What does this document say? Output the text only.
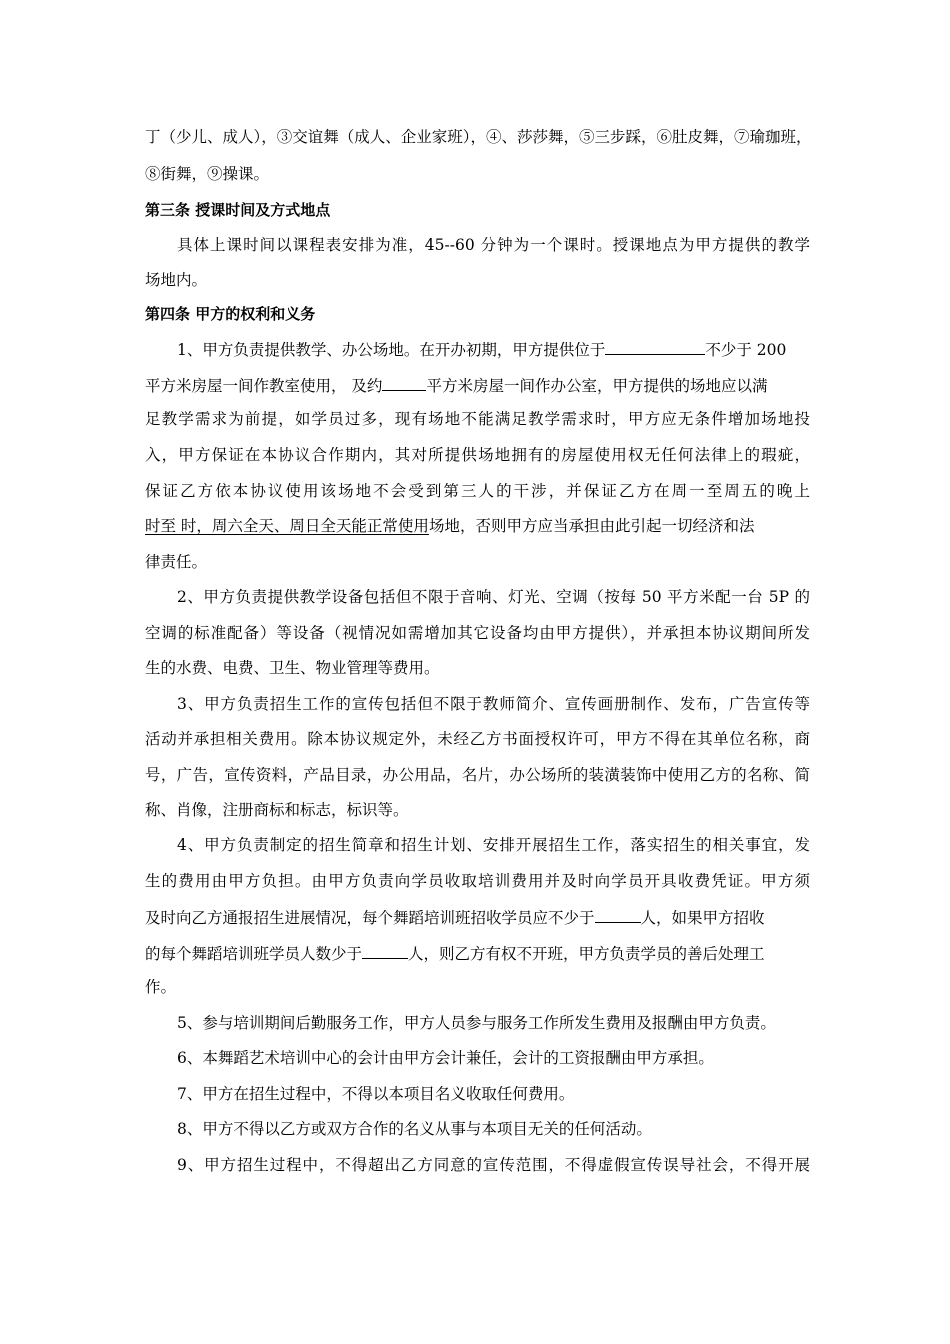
丁（少儿、成人），③交谊舞（成人、企业家班），④、莎莎舞，⑤三步踩，⑥肚皮舞，⑦瑜珈班，
⑧街舞，⑨操课。
第三条 授课时间及方式地点
具体上课时间以课程表安排为准，45--60 分钟为一个课时。授课地点为甲方提供的教学
场地内。
第四条 甲方的权利和义务
1、甲方负责提供教学、办公场地。在开办初期，甲方提供位于	不少于 200
平方米房屋一间作教室使用， 及约	平方米房屋一间作办公室，甲方提供的场地应以满
足教学需求为前提，如学员过多，现有场地不能满足教学需求时，甲方应无条件增加场地投
入，甲方保证在本协议合作期内，其对所提供场地拥有的房屋使用权无任何法律上的瑕疵，
保证乙方依本协议使用该场地不会受到第三人的干涉，并保证乙方在周一至周五的晚上
时至 时，周六全天、周日全天能正常使用场地，否则甲方应当承担由此引起一切经济和法
律责任。
2、甲方负责提供教学设备包括但不限于音响、灯光、空调（按每 50 平方米配一台 5P 的
空调的标准配备）等设备（视情况如需增加其它设备均由甲方提供），并承担本协议期间所发
生的水费、电费、卫生、物业管理等费用。
3、甲方负责招生工作的宣传包括但不限于教师简介、宣传画册制作、发布，广告宣传等
活动并承担相关费用。除本协议规定外，未经乙方书面授权许可，甲方不得在其单位名称，商
号，广告，宣传资料，产品目录，办公用品，名片，办公场所的装潢装饰中使用乙方的名称、简
称、肖像，注册商标和标志，标识等。
4、甲方负责制定的招生简章和招生计划、安排开展招生工作，落实招生的相关事宜，发
生的费用由甲方负担。由甲方负责向学员收取培训费用并及时向学员开具收费凭证。甲方须
及时向乙方通报招生进展情况，每个舞蹈培训班招收学员应不少于	人，如果甲方招收
的每个舞蹈培训班学员人数少于	人，则乙方有权不开班，甲方负责学员的善后处理工
作。
5、参与培训期间后勤服务工作，甲方人员参与服务工作所发生费用及报酬由甲方负责。
6、本舞蹈艺术培训中心的会计由甲方会计兼任，会计的工资报酬由甲方承担。
7、甲方在招生过程中，不得以本项目名义收取任何费用。
8、甲方不得以乙方或双方合作的名义从事与本项目无关的任何活动。
9、甲方招生过程中，不得超出乙方同意的宣传范围，不得虚假宣传误导社会，不得开展
